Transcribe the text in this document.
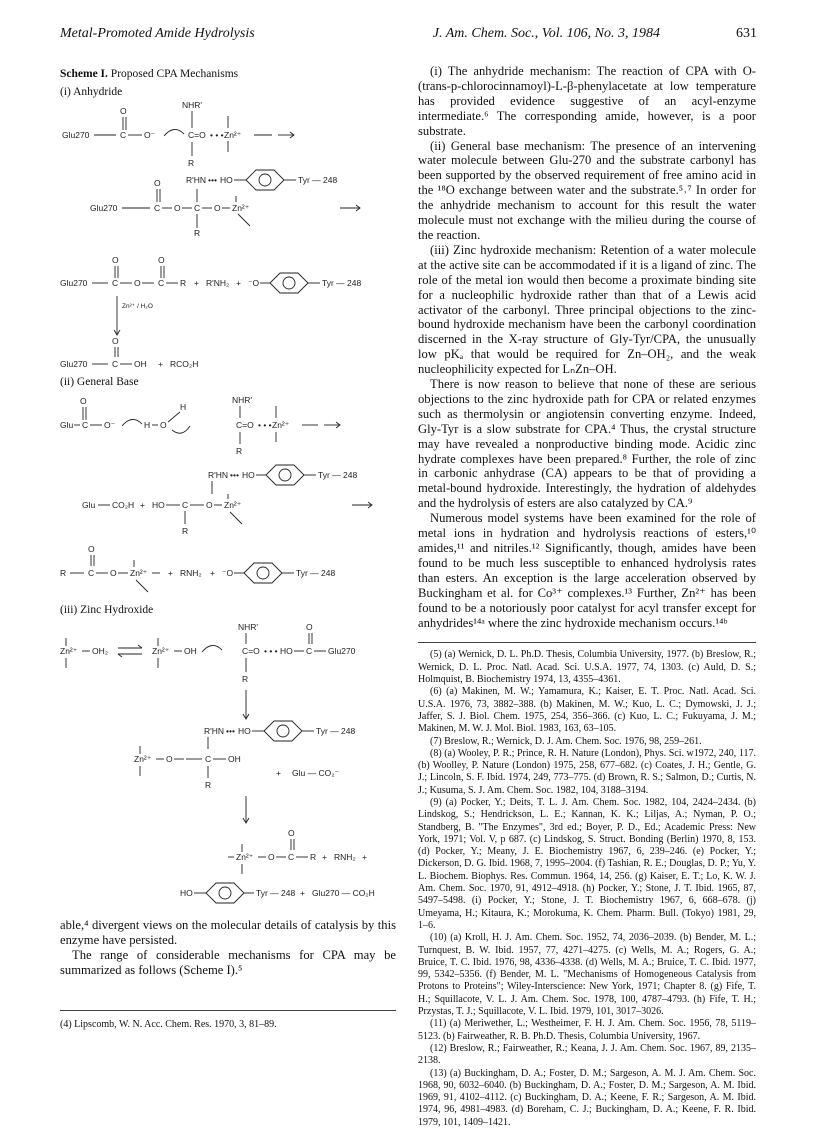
Metal-Promoted Amide Hydrolysis	J. Am. Chem. Soc., Vol. 106, No. 3, 1984	631
Scheme I. Proposed CPA Mechanisms
(i) Anhydride
(ii) General Base
(iii) Zinc Hydroxide
O
Glu270	C O⁻
NHR'
C=O • • • Zn²⁺
R
O
Glu270	C O C
R
O Zn²⁺
R'HN ••• HO	Tyr — 248
O	O
Glu270	C O C R + R'NH₂ + ⁻O	Tyr — 248
Zn²⁺ / H₂O
O
Glu270	C OH + RCO₂H
O
Glu C O⁻	H O
H
NHR'
C=O • • • Zn²⁺
R
R'HN ••• HO	Tyr — 248
Glu CO₂H + HO C
R
O Zn²⁺
O
R	C O Zn²⁺ + RNH₂ + ⁻O	Tyr — 248
Zn²⁺ OH₂	Zn²⁺ OH
NHR'
C=O • • • HO
O
C Glu270
R
R'HN ••• HO	Tyr — 248
Zn²⁺ O	C OH
R
+ Glu — CO₂⁻
O
Zn²⁺ O C R + RNH₂ +
HO	Tyr — 248 + Glu270 — CO₂H

able,⁴ divergent views on the molecular details of catalysis by this enzyme have persisted.

The range of considerable mechanisms for CPA may be summarized as follows (Scheme I).⁵

(4) Lipscomb, W. N. Acc. Chem. Res. 1970, 3, 81–89.

(i) The anhydride mechanism: The reaction of CPA with O-(trans-p-chlorocinnamoyl)-L-β-phenylacetate at low temperature has provided evidence suggestive of an acyl-enzyme intermediate.⁶ The corresponding amide, however, is a poor substrate.

(ii) General base mechanism: The presence of an intervening water molecule between Glu-270 and the substrate carbonyl has been supported by the observed requirement of free amino acid in the ¹⁸O exchange between water and the substrate.⁵˒⁷ In order for the anhydride mechanism to account for this result the water molecule must not exchange with the milieu during the course of the reaction.

(iii) Zinc hydroxide mechanism: Retention of a water molecule at the active site can be accommodated if it is a ligand of zinc. The role of the metal ion would then become a proximate binding site for a nucleophilic hydroxide rather than that of a Lewis acid activator of the carbonyl. Three principal objections to the zinc-bound hydroxide mechanism have been the carbonyl coordination discerned in the X-ray structure of Gly-Tyr/CPA, the unusually low pKₐ that would be required for Zn–OH₂, and the weak nucleophilicity expected for LₙZn–OH.

There is now reason to believe that none of these are serious objections to the zinc hydroxide path for CPA or related enzymes such as thermolysin or angiotensin converting enzyme. Indeed, Gly-Tyr is a slow substrate for CPA.⁴ Thus, the crystal structure may have revealed a nonproductive binding mode. Acidic zinc hydrate complexes have been prepared.⁸ Further, the role of zinc in carbonic anhydrase (CA) appears to be that of providing a metal-bound hydroxide. Interestingly, the hydration of aldehydes and the hydrolysis of esters are also catalyzed by CA.⁹

Numerous model systems have been examined for the role of metal ions in hydration and hydrolysis reactions of esters,¹⁰ amides,¹¹ and nitriles.¹² Significantly, though, amides have been found to be much less susceptible to enhanced hydrolysis rates than esters. An exception is the large acceleration observed by Buckingham et al. for Co³⁺ complexes.¹³ Further, Zn²⁺ has been found to be a notoriously poor catalyst for acyl transfer except for anhydrides¹⁴ᵃ where the zinc hydroxide mechanism occurs.¹⁴ᵇ

(5) (a) Wernick, D. L. Ph.D. Thesis, Columbia University, 1977. (b) Breslow, R.; Wernick, D. L. Proc. Natl. Acad. Sci. U.S.A. 1977, 74, 1303. (c) Auld, D. S.; Holmquist, B. Biochemistry 1974, 13, 4355–4361.

(6) (a) Makinen, M. W.; Yamamura, K.; Kaiser, E. T. Proc. Natl. Acad. Sci. U.S.A. 1976, 73, 3882–388. (b) Makinen, M. W.; Kuo, L. C.; Dymowski, J. J.; Jaffer, S. J. Biol. Chem. 1975, 254, 356–366. (c) Kuo, L. C.; Fukuyama, J. M.; Makinen, M. W. J. Mol. Biol. 1983, 163, 63–105.

(7) Breslow, R.; Wernick, D. J. Am. Chem. Soc. 1976, 98, 259–261.

(8) (a) Wooley, P. R.; Prince, R. H. Nature (London), Phys. Sci. w1972, 240, 117. (b) Woolley, P. Nature (London) 1975, 258, 677–682. (c) Coates, J. H.; Gentle, G. J.; Lincoln, S. F. Ibid. 1974, 249, 773–775. (d) Brown, R. S.; Salmon, D.; Curtis, N. J.; Kusuma, S. J. Am. Chem. Soc. 1982, 104, 3188–3194.

(9) (a) Pocker, Y.; Deits, T. L. J. Am. Chem. Soc. 1982, 104, 2424–2434. (b) Lindskog, S.; Hendrickson, L. E.; Kannan, K. K.; Liljas, A.; Nyman, P. O.; Standberg, B. "The Enzymes", 3rd ed.; Boyer, P. D., Ed.; Academic Press: New York, 1971; Vol. V, p 687. (c) Lindskog, S. Struct. Bonding (Berlin) 1970, 8, 153. (d) Pocker, Y.; Meany, J. E. Biochemistry 1967, 6, 239–246. (e) Pocker, Y.; Dickerson, D. G. Ibid. 1968, 7, 1995–2004. (f) Tashian, R. E.; Douglas, D. P.; Yu, Y. L. Biochem. Biophys. Res. Commun. 1964, 14, 256. (g) Kaiser, E. T.; Lo, K. W. J. Am. Chem. Soc. 1970, 91, 4912–4918. (h) Pocker, Y.; Stone, J. T. Ibid. 1965, 87, 5497–5498. (i) Pocker, Y.; Stone, J. T. Biochemistry 1967, 6, 668–678. (j) Umeyama, H.; Kitaura, K.; Morokuma, K. Chem. Pharm. Bull. (Tokyo) 1981, 29, 1–6.

(10) (a) Kroll, H. J. Am. Chem. Soc. 1952, 74, 2036–2039. (b) Bender, M. L.; Turnquest, B. W. Ibid. 1957, 77, 4271–4275. (c) Wells, M. A.; Rogers, G. A.; Bruice, T. C. Ibid. 1976, 98, 4336–4338. (d) Wells, M. A.; Bruice, T. C. Ibid. 1977, 99, 5342–5356. (f) Bender, M. L. "Mechanisms of Homogeneous Catalysis from Protons to Proteins"; Wiley-Interscience: New York, 1971; Chapter 8. (g) Fife, T. H.; Squillacote, V. L. J. Am. Chem. Soc. 1978, 100, 4787–4793. (h) Fife, T. H.; Przystas, T. J.; Squillacote, V. L. Ibid. 1979, 101, 3017–3026.

(11) (a) Meriwether, L.; Westheimer, F. H. J. Am. Chem. Soc. 1956, 78, 5119–5123. (b) Fairweather, R. B. Ph.D. Thesis, Columbia University, 1967.

(12) Breslow, R.; Fairweather, R.; Keana, J. J. Am. Chem. Soc. 1967, 89, 2135–2138.

(13) (a) Buckingham, D. A.; Foster, D. M.; Sargeson, A. M. J. Am. Chem. Soc. 1968, 90, 6032–6040. (b) Buckingham, D. A.; Foster, D. M.; Sargeson, A. M. Ibid. 1969, 91, 4102–4112. (c) Buckingham, D. A.; Keene, F. R.; Sargeson, A. M. Ibid. 1974, 96, 4981–4983. (d) Boreham, C. J.; Buckingham, D. A.; Keene, F. R. Ibid. 1979, 101, 1409–1421.
